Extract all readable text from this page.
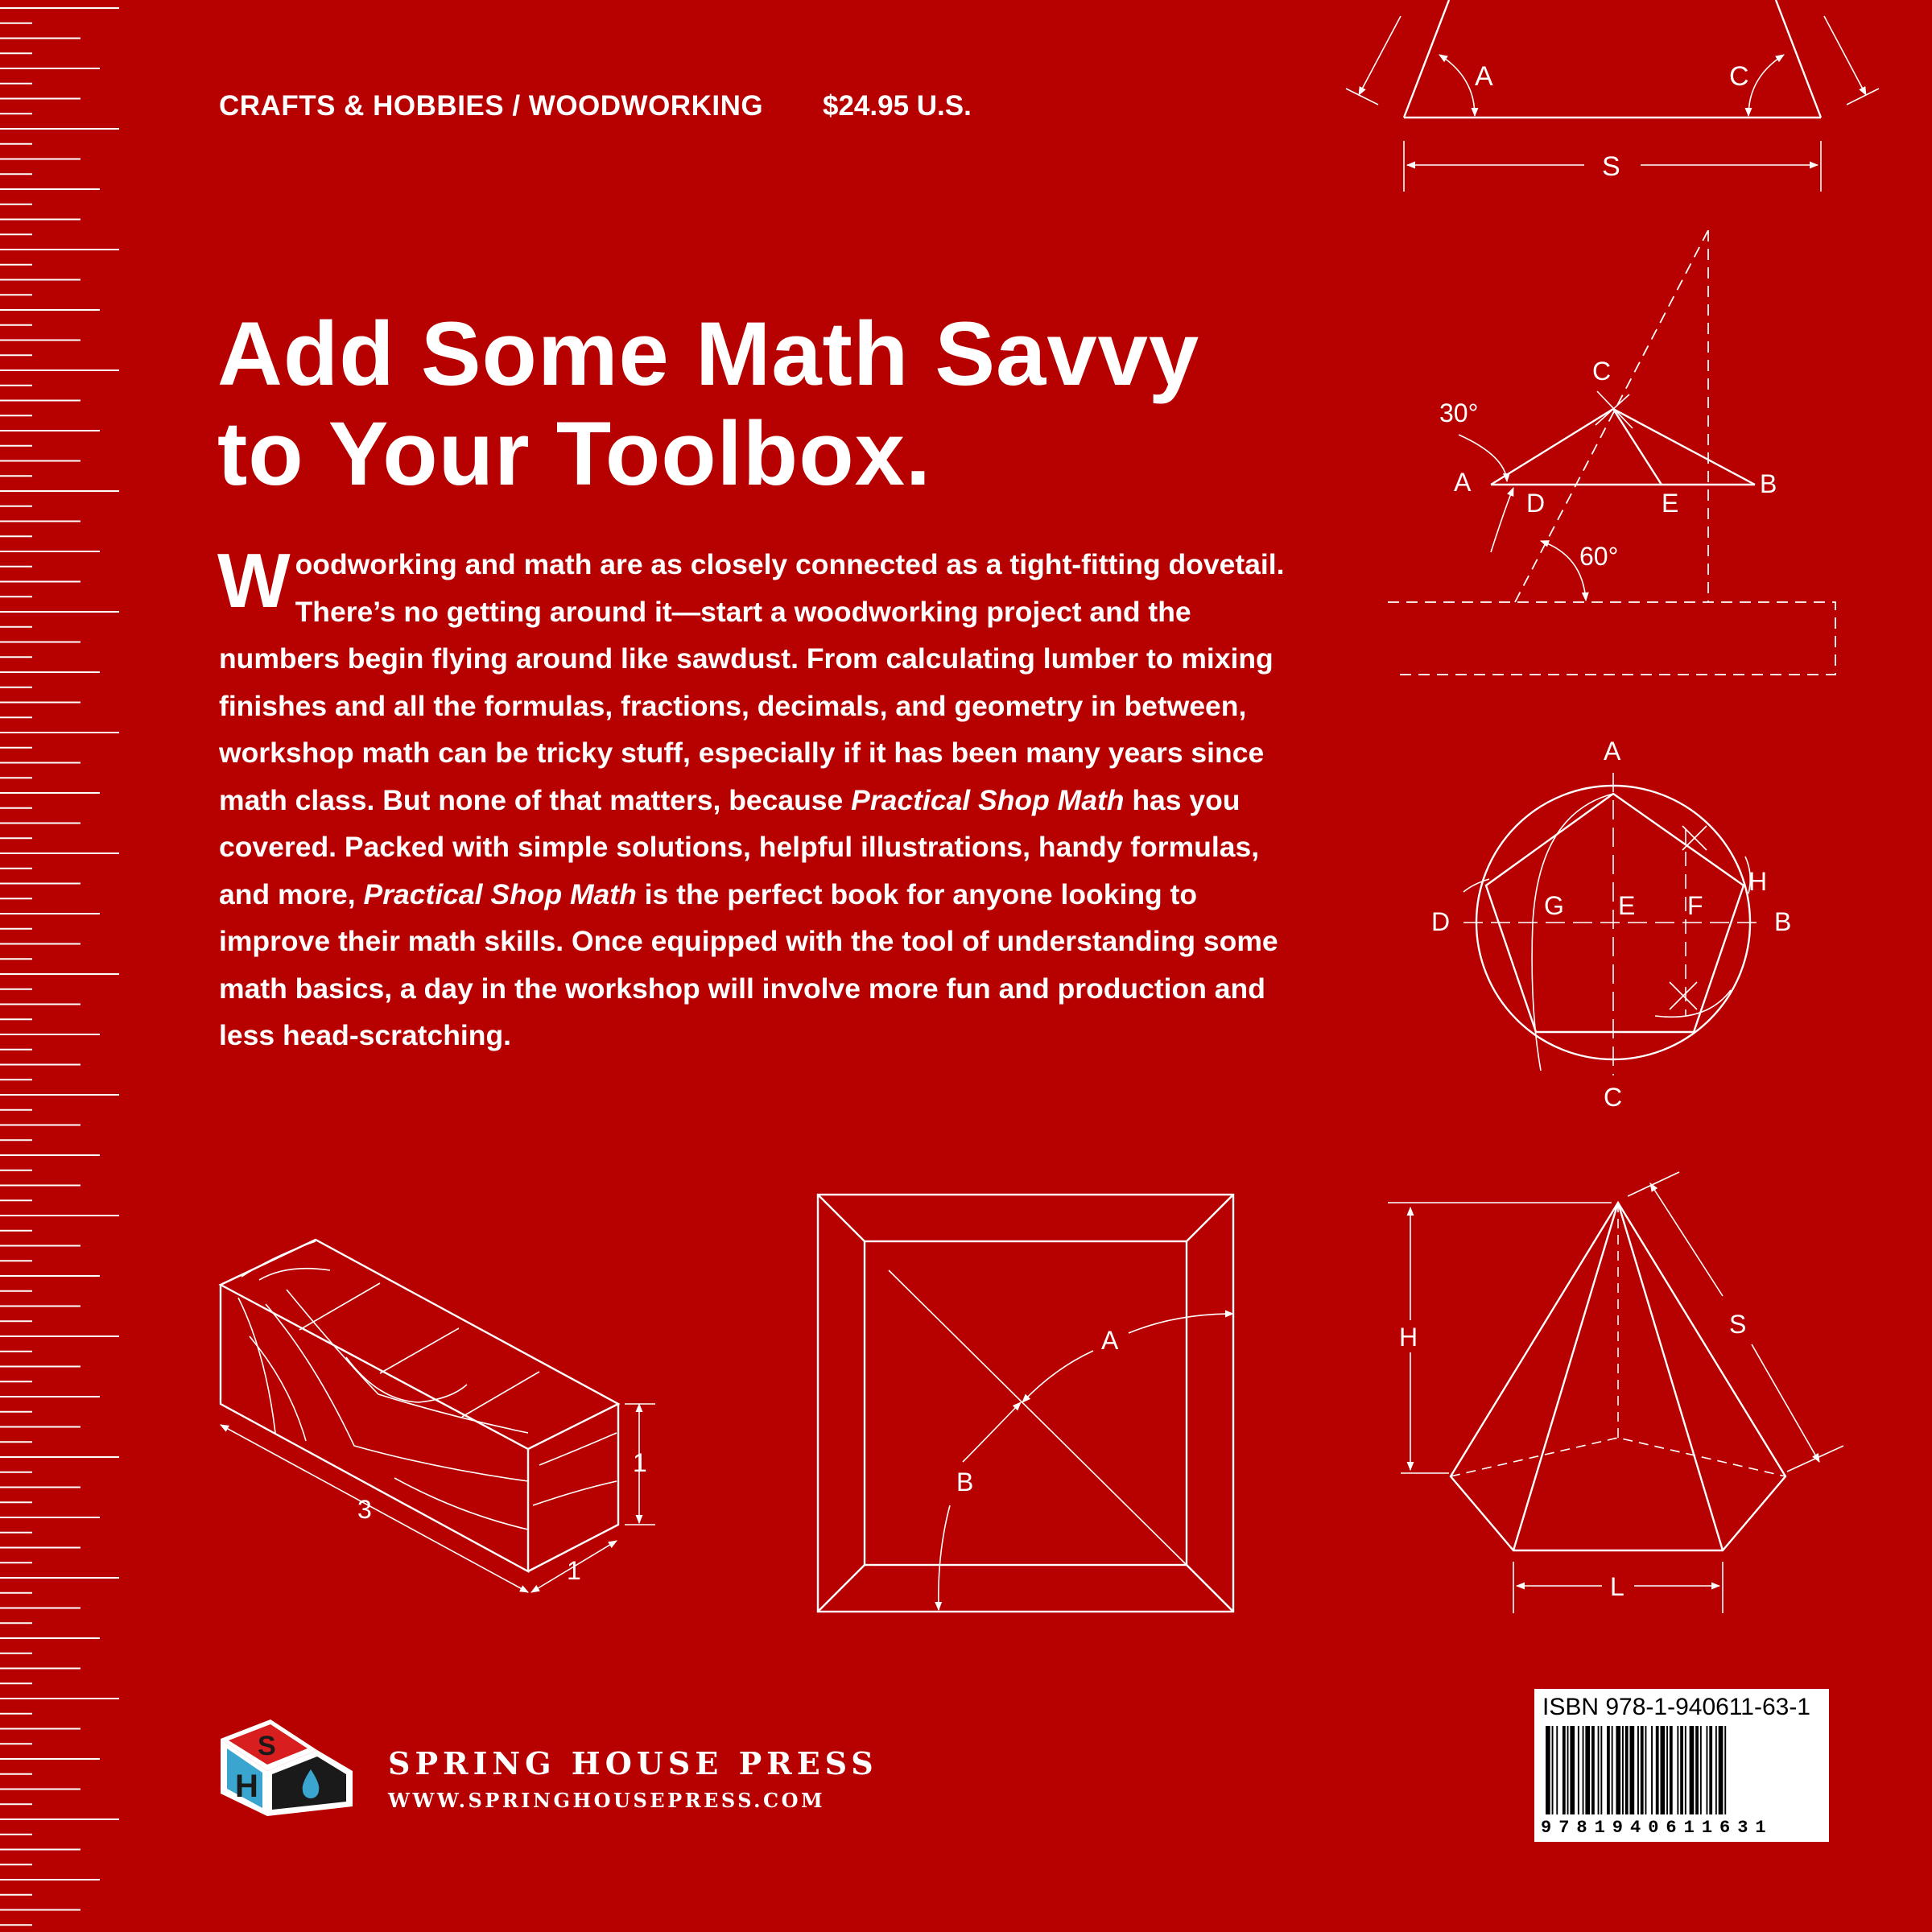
CRAFTS & HOBBIES / WOODWORKING $24.95 U.S.
Add Some Math Savvy
to Your Toolbox.

Woodworking and math are as closely connected as a tight-fitting dovetail. There’s no getting around it—start a woodworking project and the numbers begin flying around like sawdust. From calculating lumber to mixing finishes and all the formulas, fractions, decimals, and geometry in between, workshop math can be tricky stuff, especially if it has been many years since math class. But none of that matters, because Practical Shop Math has you covered. Packed with simple solutions, helpful illustrations, handy formulas, and more, Practical Shop Math is the perfect book for anyone looking to improve their math skills. Once equipped with the tool of understanding some math basics, a day in the workshop will involve more fun and production and less head-scratching.

A	C
S
C
30°
A
D	E
B
60°
A
H
D
G E F
B
C
1
3
1
A
B
H	S
L
S
H
SPRING HOUSE PRESS
WWW.SPRINGHOUSEPRESS.COM
ISBN 978-1-940611-63-1
9781940611631
